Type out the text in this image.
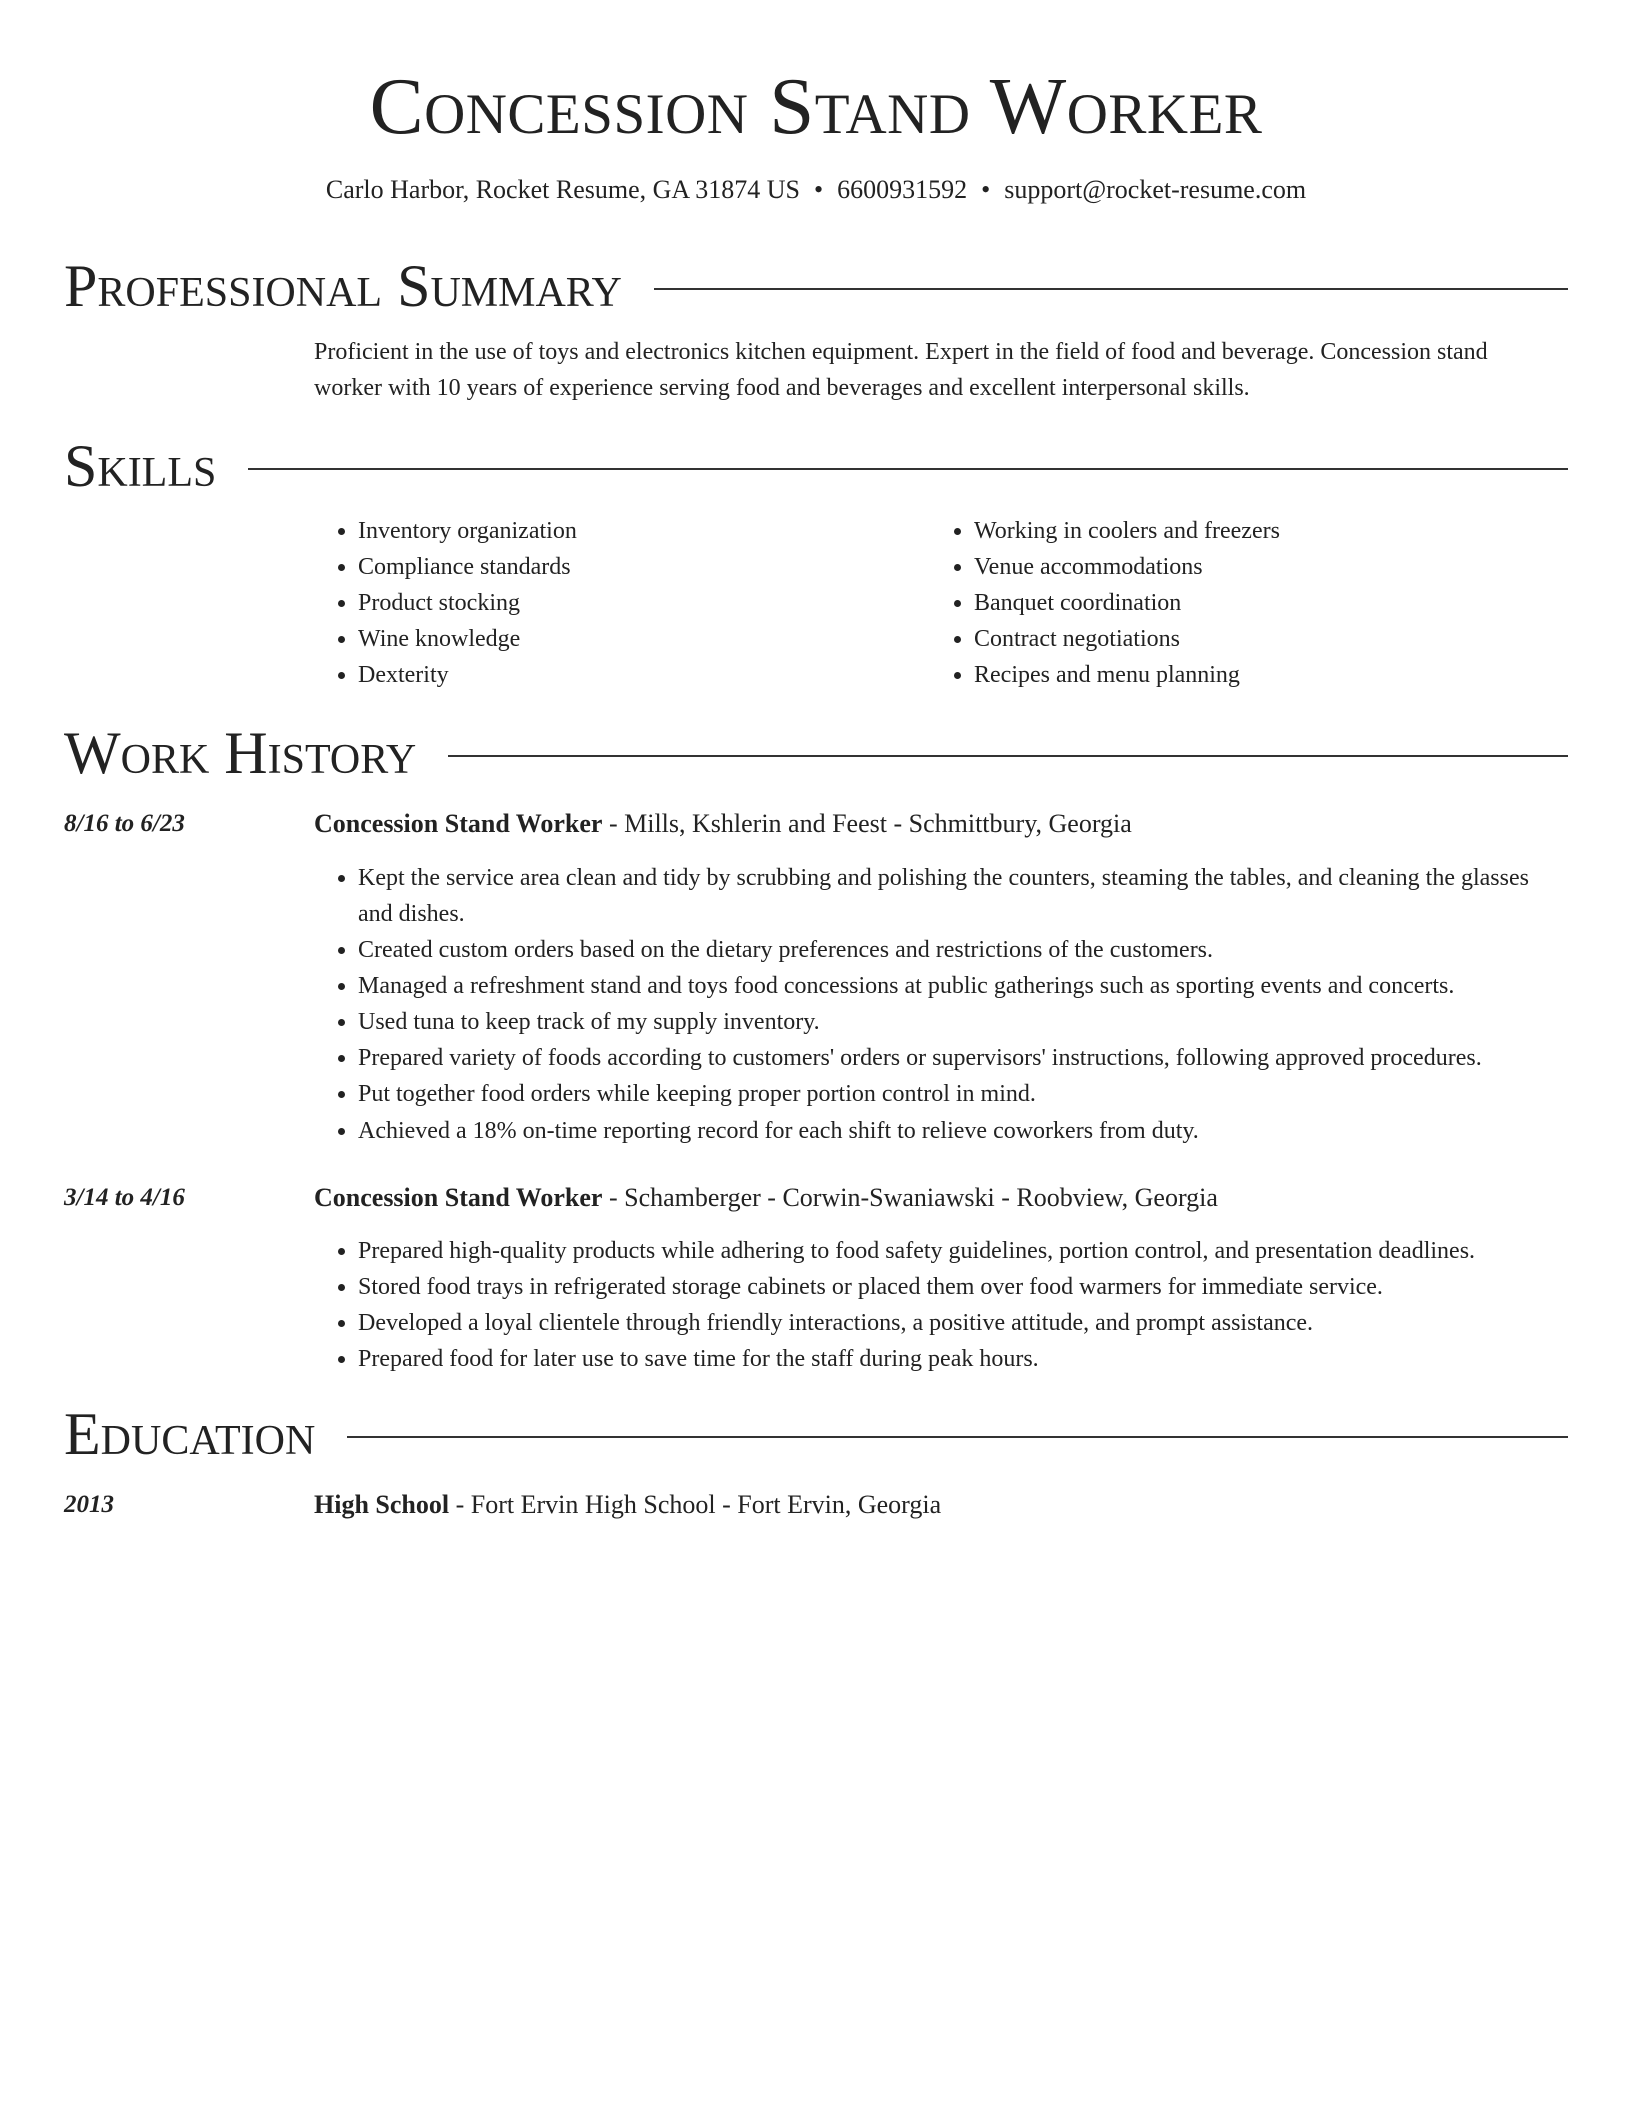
Concession Stand Worker
Carlo Harbor, Rocket Resume, GA 31874 US • 6600931592 • support@rocket-resume.com
Professional Summary
Proficient in the use of toys and electronics kitchen equipment. Expert in the field of food and beverage. Concession stand
worker with 10 years of experience serving food and beverages and excellent interpersonal skills.
Skills
• Inventory organization
• Compliance standards
• Product stocking
• Wine knowledge
• Dexterity
• Working in coolers and freezers
• Venue accommodations
• Banquet coordination
• Contract negotiations
• Recipes and menu planning
Work History
8/16 to 6/23	Concession Stand Worker - Mills, Kshlerin and Feest - Schmittbury, Georgia
• Kept the service area clean and tidy by scrubbing and polishing the counters, steaming the tables, and cleaning the glasses and dishes.
• Created custom orders based on the dietary preferences and restrictions of the customers.
• Managed a refreshment stand and toys food concessions at public gatherings such as sporting events and concerts.
• Used tuna to keep track of my supply inventory.
• Prepared variety of foods according to customers' orders or supervisors' instructions, following approved procedures.
• Put together food orders while keeping proper portion control in mind.
• Achieved a 18% on-time reporting record for each shift to relieve coworkers from duty.
3/14 to 4/16	Concession Stand Worker - Schamberger - Corwin-Swaniawski - Roobview, Georgia
• Prepared high-quality products while adhering to food safety guidelines, portion control, and presentation deadlines.
• Stored food trays in refrigerated storage cabinets or placed them over food warmers for immediate service.
• Developed a loyal clientele through friendly interactions, a positive attitude, and prompt assistance.
• Prepared food for later use to save time for the staff during peak hours.
Education
2013	High School - Fort Ervin High School - Fort Ervin, Georgia
